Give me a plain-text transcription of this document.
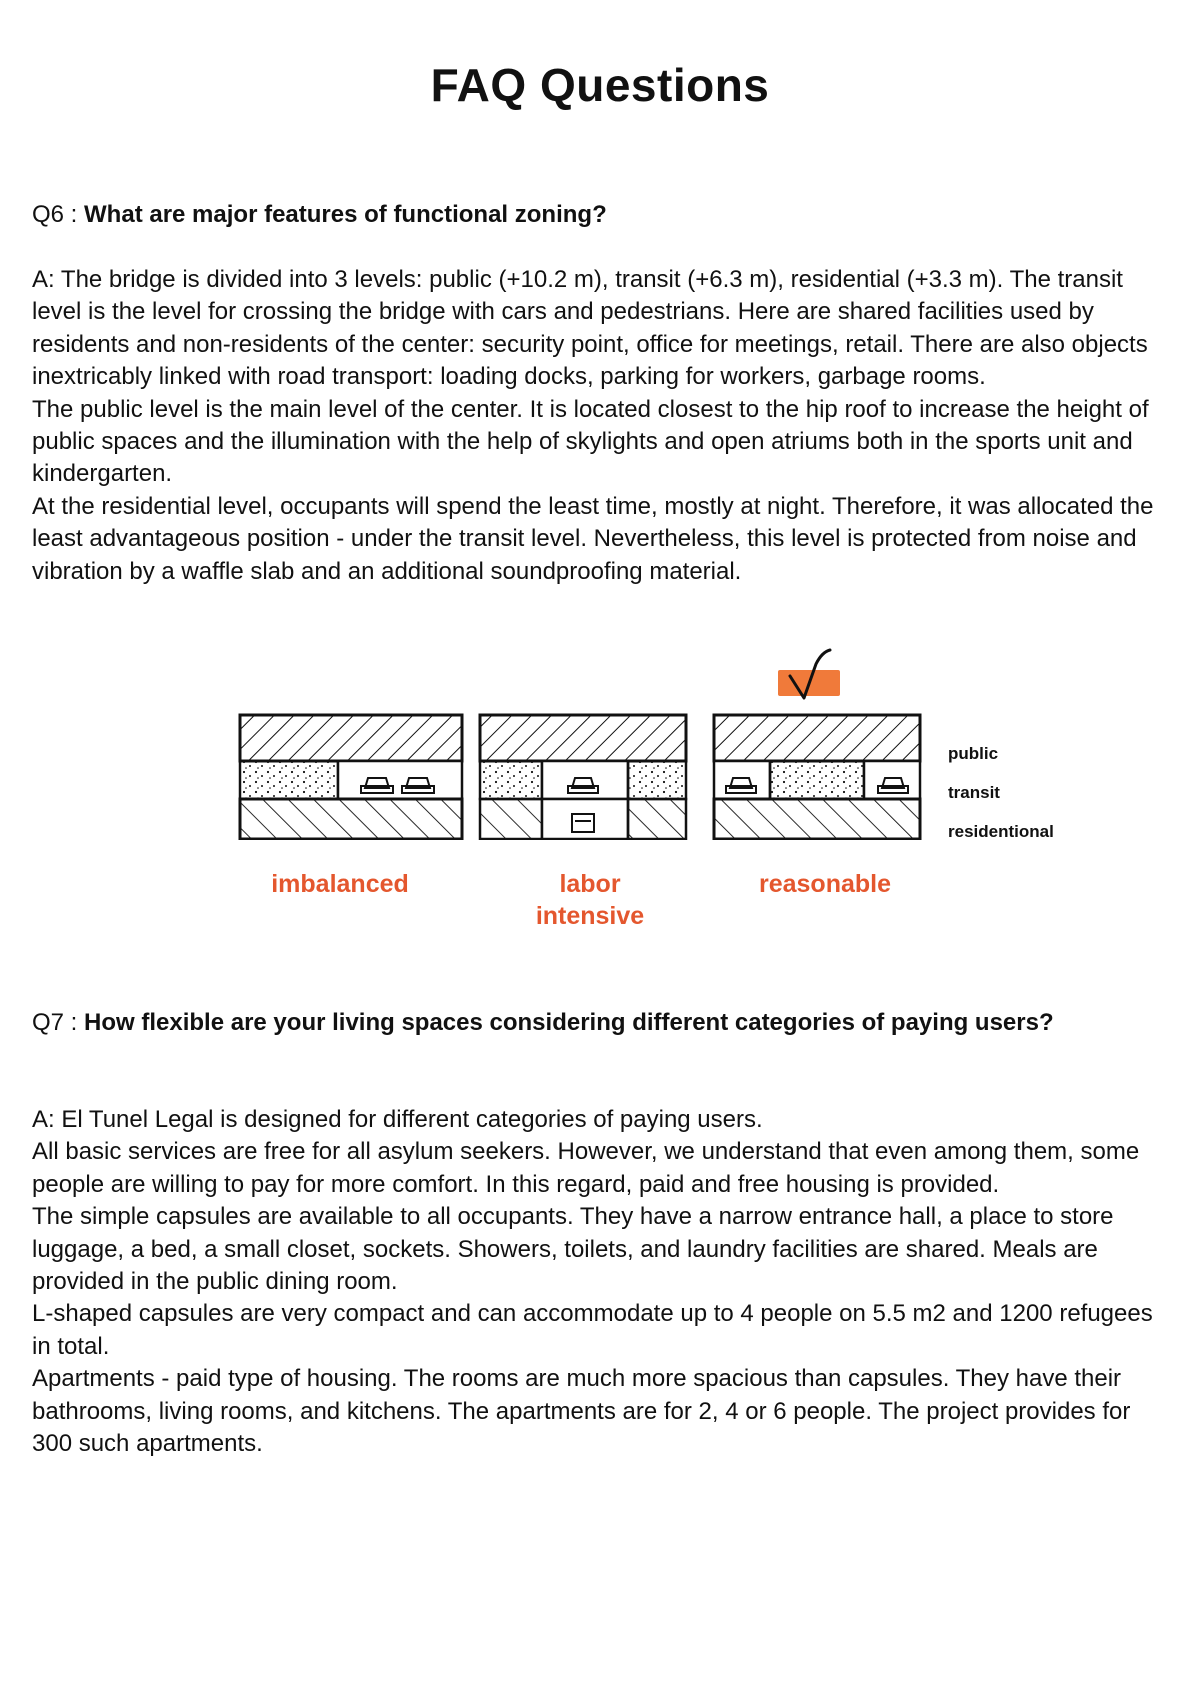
FAQ Questions
Q6 : What are major features of functional zoning?

A: The bridge is divided into 3 levels: public (+10.2 m), transit (+6.3 m), residential (+3.3 m). The transit level is the level for crossing the bridge with cars and pedestrians. Here are shared facilities used by residents and non-residents of the center: security point, office for meetings, retail. There are also objects inextricably linked with road transport: loading docks, parking for workers, garbage rooms.

The public level is the main level of the center. It is located closest to the hip roof to increase the height of public spaces and the illumination with the help of skylights and open atriums both in the sports unit and kindergarten.

At the residential level, occupants will spend the least time, mostly at night. Therefore, it was allocated the least advantageous position - under the transit level. Nevertheless, this level is protected from noise and vibration by a waffle slab and an additional soundproofing material.

public
transit
residentional
imbalanced	labor
intensive
reasonable
Q7 : How flexible are your living spaces considering different categories of paying users?

A: El Tunel Legal is designed for different categories of paying users.

All basic services are free for all asylum seekers. However, we understand that even among them, some people are willing to pay for more comfort. In this regard, paid and free housing is provided.

The simple capsules are available to all occupants. They have a narrow entrance hall, a place to store luggage, a bed, a small closet, sockets. Showers, toilets, and laundry facilities are shared. Meals are provided in the public dining room.

L-shaped capsules are very compact and can accommodate up to 4 people on 5.5 m2 and 1200 refugees in total.

Apartments - paid type of housing. The rooms are much more spacious than capsules. They have their bathrooms, living rooms, and kitchens. The apartments are for 2, 4 or 6 people. The project provides for 300 such apartments.
